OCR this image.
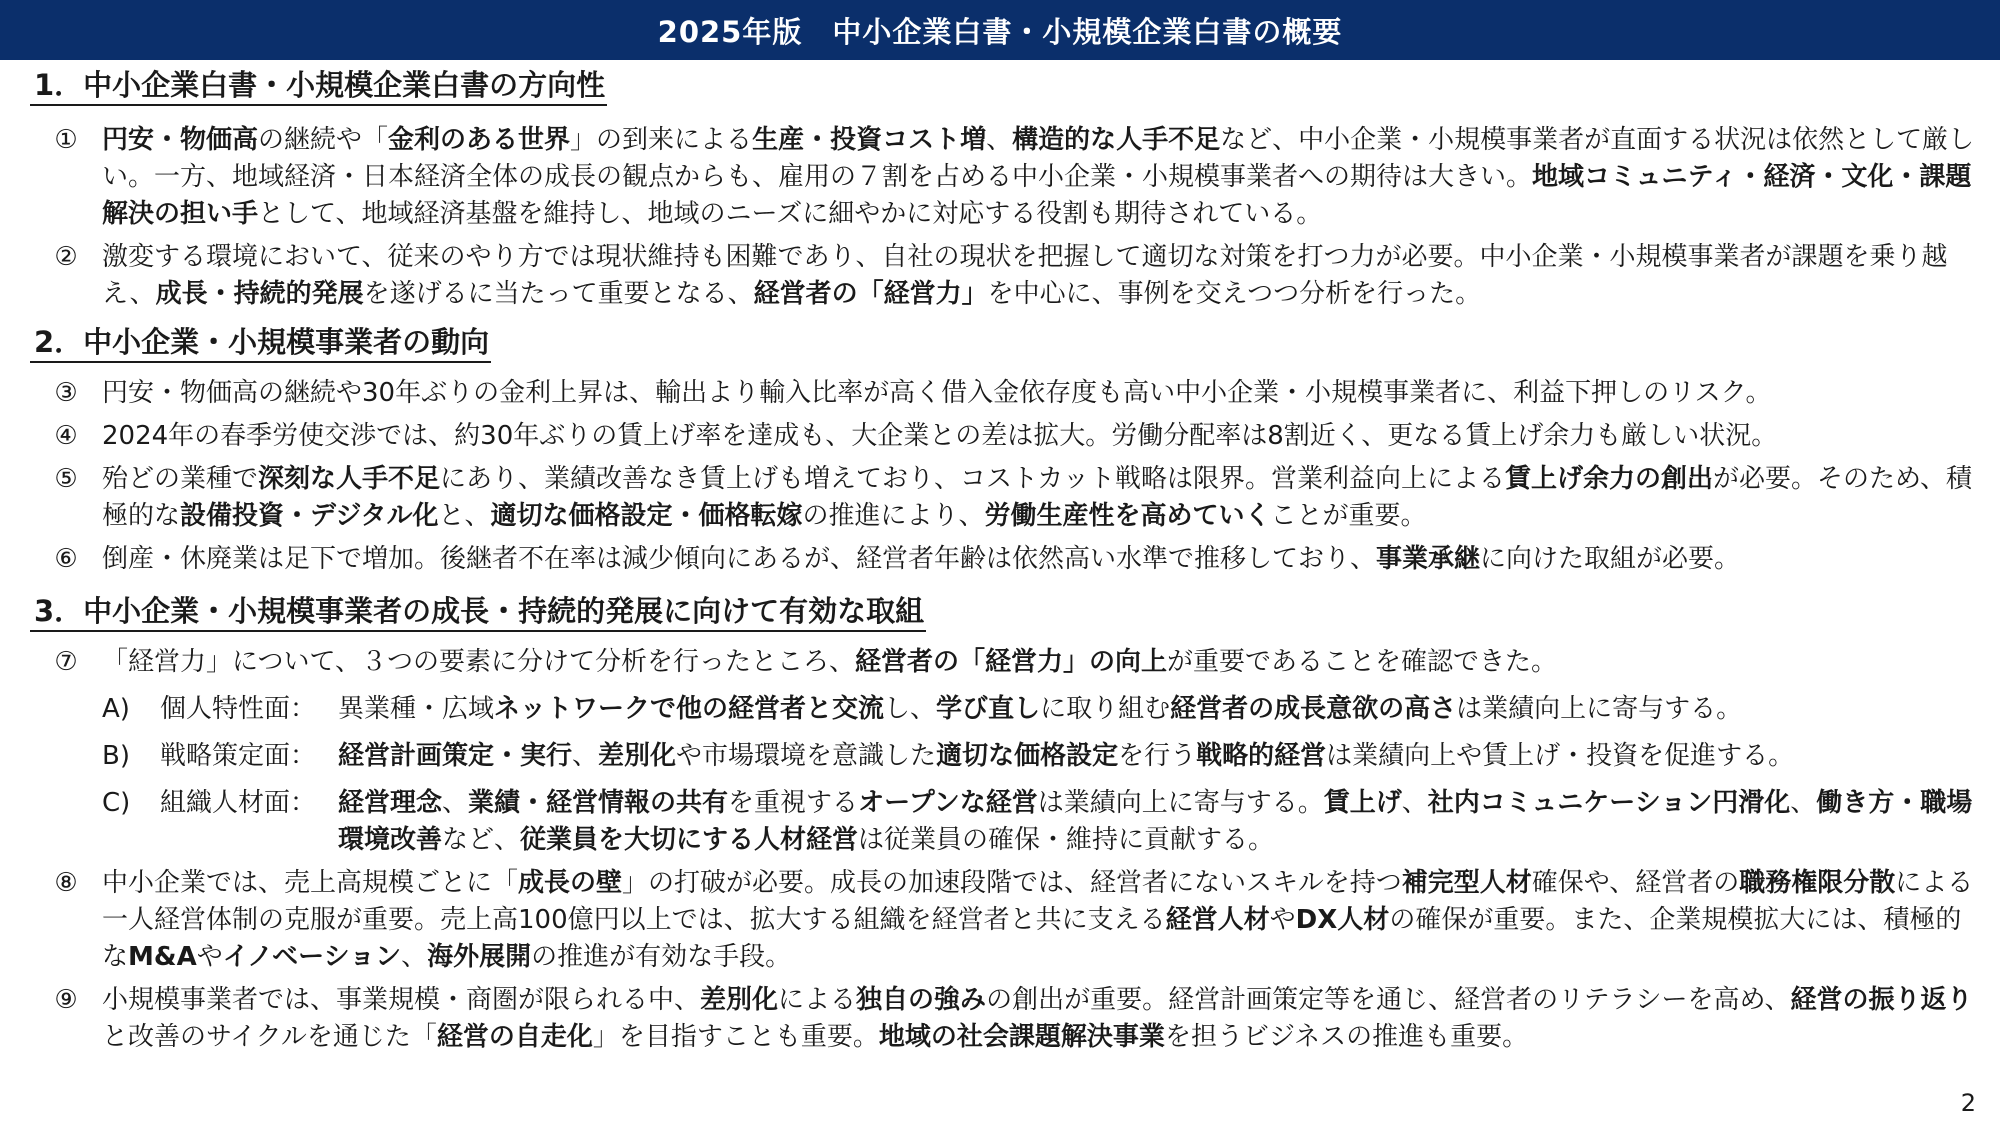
2025年版　中小企業白書・小規模企業白書の概要
1．中小企業白書・小規模企業白書の方向性
① 円安・物価高の継続や「金利のある世界」の到来による生産・投資コスト増、構造的な人手不足など、中小企業・小規模事業者が直面する状況は依然として厳しい。一方、地域経済・日本経済全体の成長の観点からも、雇用の７割を占める中小企業・小規模事業者への期待は大きい。地域コミュニティ・経済・文化・課題解決の担い手として、地域経済基盤を維持し、地域のニーズに細やかに対応する役割も期待されている。
② 激変する環境において、従来のやり方では現状維持も困難であり、自社の現状を把握して適切な対策を打つ力が必要。中小企業・小規模事業者が課題を乗り越え、成長・持続的発展を遂げるに当たって重要となる、経営者の「経営力」を中心に、事例を交えつつ分析を行った。
2．中小企業・小規模事業者の動向
③ 円安・物価高の継続や30年ぶりの金利上昇は、輸出より輸入比率が高く借入金依存度も高い中小企業・小規模事業者に、利益下押しのリスク。
④ 2024年の春季労使交渉では、約30年ぶりの賃上げ率を達成も、大企業との差は拡大。労働分配率は8割近く、更なる賃上げ余力も厳しい状況。
⑤ 殆どの業種で深刻な人手不足にあり、業績改善なき賃上げも増えており、コストカット戦略は限界。営業利益向上による賃上げ余力の創出が必要。そのため、積極的な設備投資・デジタル化と、適切な価格設定・価格転嫁の推進により、労働生産性を高めていくことが重要。
⑥ 倒産・休廃業は足下で増加。後継者不在率は減少傾向にあるが、経営者年齢は依然高い水準で推移しており、事業承継に向けた取組が必要。
3．中小企業・小規模事業者の成長・持続的発展に向けて有効な取組
⑦ 「経営力」について、３つの要素に分けて分析を行ったところ、経営者の「経営力」の向上が重要であることを確認できた。
A)	個人特性面： 異業種・広域ネットワークで他の経営者と交流し、学び直しに取り組む経営者の成長意欲の高さは業績向上に寄与する。
B)	戦略策定面： 経営計画策定・実行、差別化や市場環境を意識した適切な価格設定を行う戦略的経営は業績向上や賃上げ・投資を促進する。
C)	組織人材面： 経営理念、業績・経営情報の共有を重視するオープンな経営は業績向上に寄与する。賃上げ、社内コミュニケーション円滑化、働き方・職場環境改善など、従業員を大切にする人材経営は従業員の確保・維持に貢献する。
⑧ 中小企業では、売上高規模ごとに「成長の壁」の打破が必要。成長の加速段階では、経営者にないスキルを持つ補完型人材確保や、経営者の職務権限分散による一人経営体制の克服が重要。売上高100億円以上では、拡大する組織を経営者と共に支える経営人材やDX人材の確保が重要。また、企業規模拡大には、積極的なM&Aやイノベーション、海外展開の推進が有効な手段。
⑨ 小規模事業者では、事業規模・商圏が限られる中、差別化による独自の強みの創出が重要。経営計画策定等を通じ、経営者のリテラシーを高め、経営の振り返りと改善のサイクルを通じた「経営の自走化」を目指すことも重要。地域の社会課題解決事業を担うビジネスの推進も重要。
2
